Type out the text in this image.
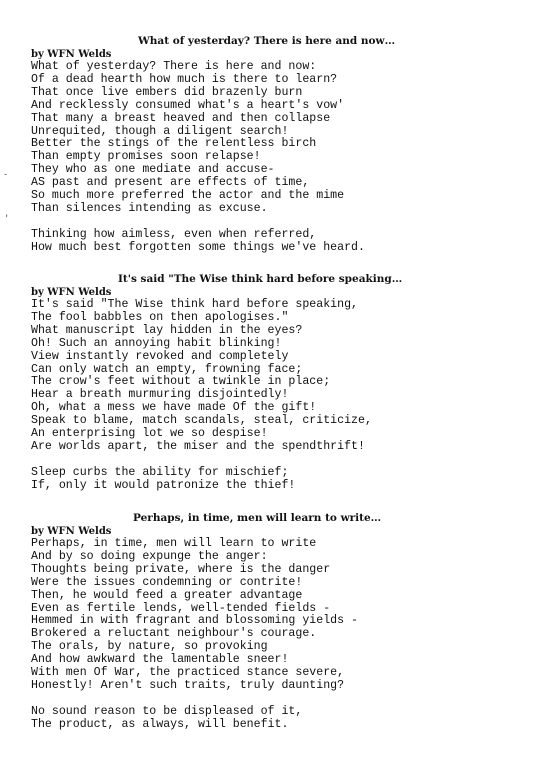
What of yesterday? There is here and now…

by WFN Welds

What of yesterday? There is here and now:

Of a dead hearth how much is there to learn?

That once live embers did brazenly burn

And recklessly consumed what's a heart's vow'

That many a breast heaved and then collapse

Unrequited, though a diligent search!

Better the stings of the relentless birch

Than empty promises soon relapse!

They who as one mediate and accuse-

AS past and present are effects of time,

So much more preferred the actor and the mime

Than silences intending as excuse.

Thinking how aimless, even when referred,

How much best forgotten some things we've heard.

It's said "The Wise think hard before speaking…

by WFN Welds

It's said "The Wise think hard before speaking,

The fool babbles on then apologises."

What manuscript lay hidden in the eyes?

Oh! Such an annoying habit blinking!

View instantly revoked and completely

Can only watch an empty, frowning face;

The crow's feet without a twinkle in place;

Hear a breath murmuring disjointedly!

Oh, what a mess we have made Of the gift!

Speak to blame, match scandals, steal, criticize,

An enterprising lot we so despise!

Are worlds apart, the miser and the spendthrift!

Sleep curbs the ability for mischief;

If, only it would patronize the thief!

Perhaps, in time, men will learn to write…

by WFN Welds

Perhaps, in time, men will learn to write

And by so doing expunge the anger:

Thoughts being private, where is the danger

Were the issues condemning or contrite!

Then, he would feed a greater advantage

Even as fertile lends, well-tended fields -

Hemmed in with fragrant and blossoming yields -

Brokered a reluctant neighbour's courage.

The orals, by nature, so provoking

And how awkward the lamentable sneer!

With men Of War, the practiced stance severe,

Honestly! Aren't such traits, truly daunting?

No sound reason to be displeased of it,

The product, as always, will benefit.

-
'
